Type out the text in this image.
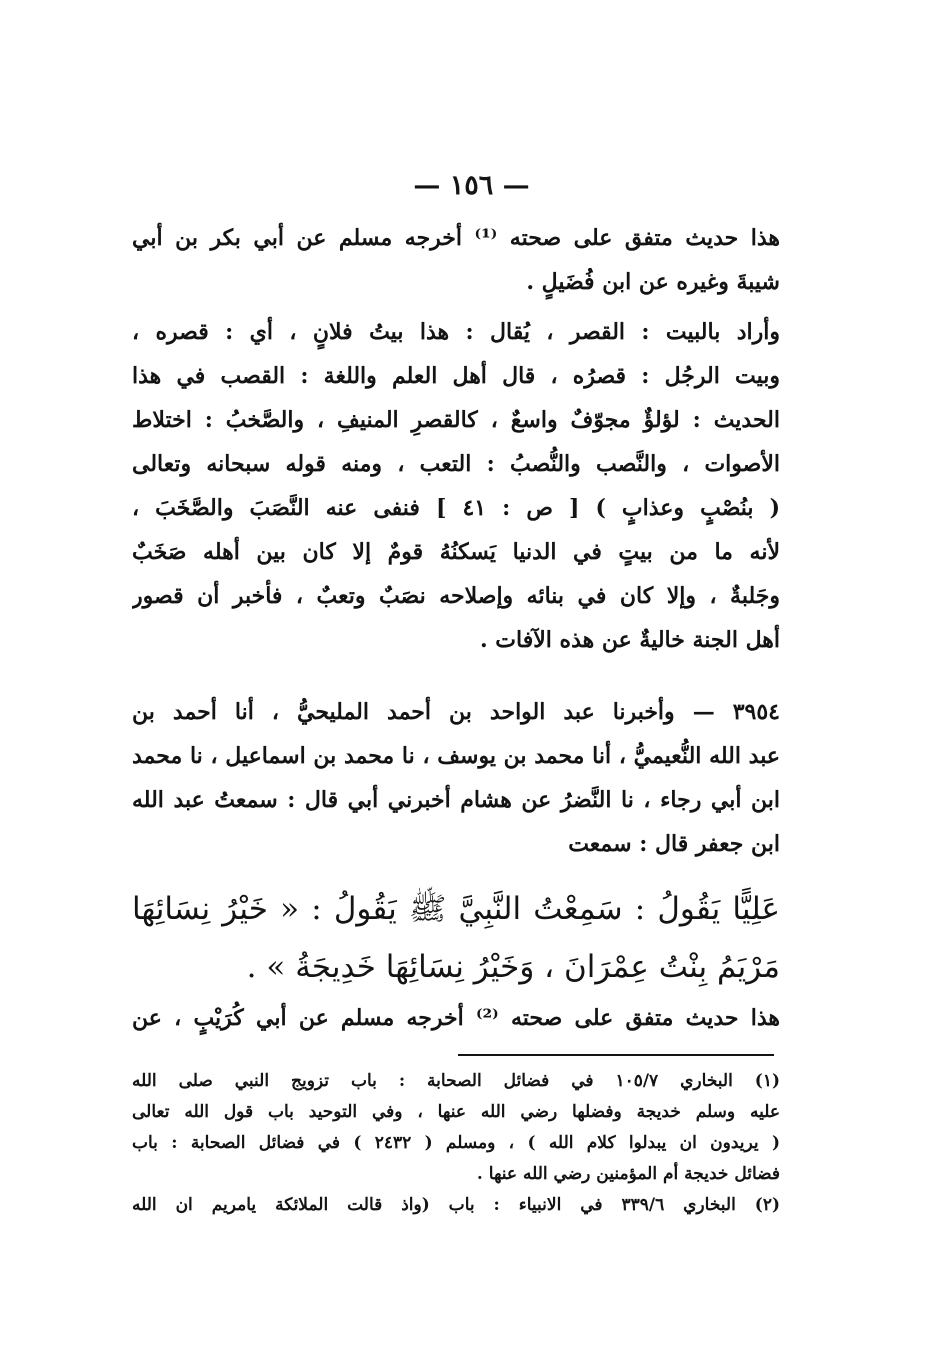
— ١٥٦ —
هذا حديث متفق على صحته ⁽¹⁾ أخرجه مسلم عن أبي بكر بن أبي
شيبةَ وغيره عن ابن فُضَيلٍ .
وأراد بالبيت : القصر ، يُقال : هذا بيتُ فلانٍ ، أي : قصره ،
وبيت الرجُل : قصرُه ، قال أهل العلم واللغة : القصب في هذا
الحديث : لؤلؤٌ مجوّفٌ واسعٌ ، كالقصرِ المنيفِ ، والصَّخبُ : اختلاط
الأصوات ، والنَّصب والنُّصبُ : التعب ، ومنه قوله سبحانه وتعالى
( بنُصْبٍ وعذابٍ ) [ ص : ٤١ ] فنفى عنه النَّصَبَ والصَّخَبَ ،
لأنه ما من بيتٍ في الدنيا يَسكنُهُ قومٌ إلا كان بين أهله صَخَبٌ
وجَلبةٌ ، وإلا كان في بنائه وإصلاحه نصَبٌ وتعبٌ ، فأخبر أن قصور
أهل الجنة خاليةٌ عن هذه الآفات .
٣٩٥٤ — وأخبرنا عبد الواحد بن أحمد المليحيُّ ، أنا أحمد بن
عبد الله النُّعيميُّ ، أنا محمد بن يوسف ، نا محمد بن اسماعيل ، نا محمد
ابن أبي رجاء ، نا النَّضرُ عن هشام أخبرني أبي قال : سمعتُ عبد الله
ابن جعفر قال : سمعت
عَلِيًّا يَقُولُ : سَمِعْتُ النَّبِيَّ ﷺ يَقُولُ : « خَيْرُ نِسَائِهَا
مَرْيَمُ بِنْتُ عِمْرَانَ ، وَخَيْرُ نِسَائِهَا خَدِيجَةُ » .
هذا حديث متفق على صحته ⁽²⁾ أخرجه مسلم عن أبي كُرَيْبٍ ، عن
(١) البخاري ١٠٥/٧ في فضائل الصحابة : باب تزويج النبي صلى الله
عليه وسلم خديجة وفضلها رضي الله عنها ، وفي التوحيد باب قول الله تعالى
( يريدون ان يبدلوا كلام الله ) ، ومسلم ( ٢٤٣٢ ) في فضائل الصحابة : باب
فضائل خديجة أم المؤمنين رضي الله عنها .
(٢) البخاري ٣٣٩/٦ في الانبياء : باب (واذ قالت الملائكة يامريم ان الله
